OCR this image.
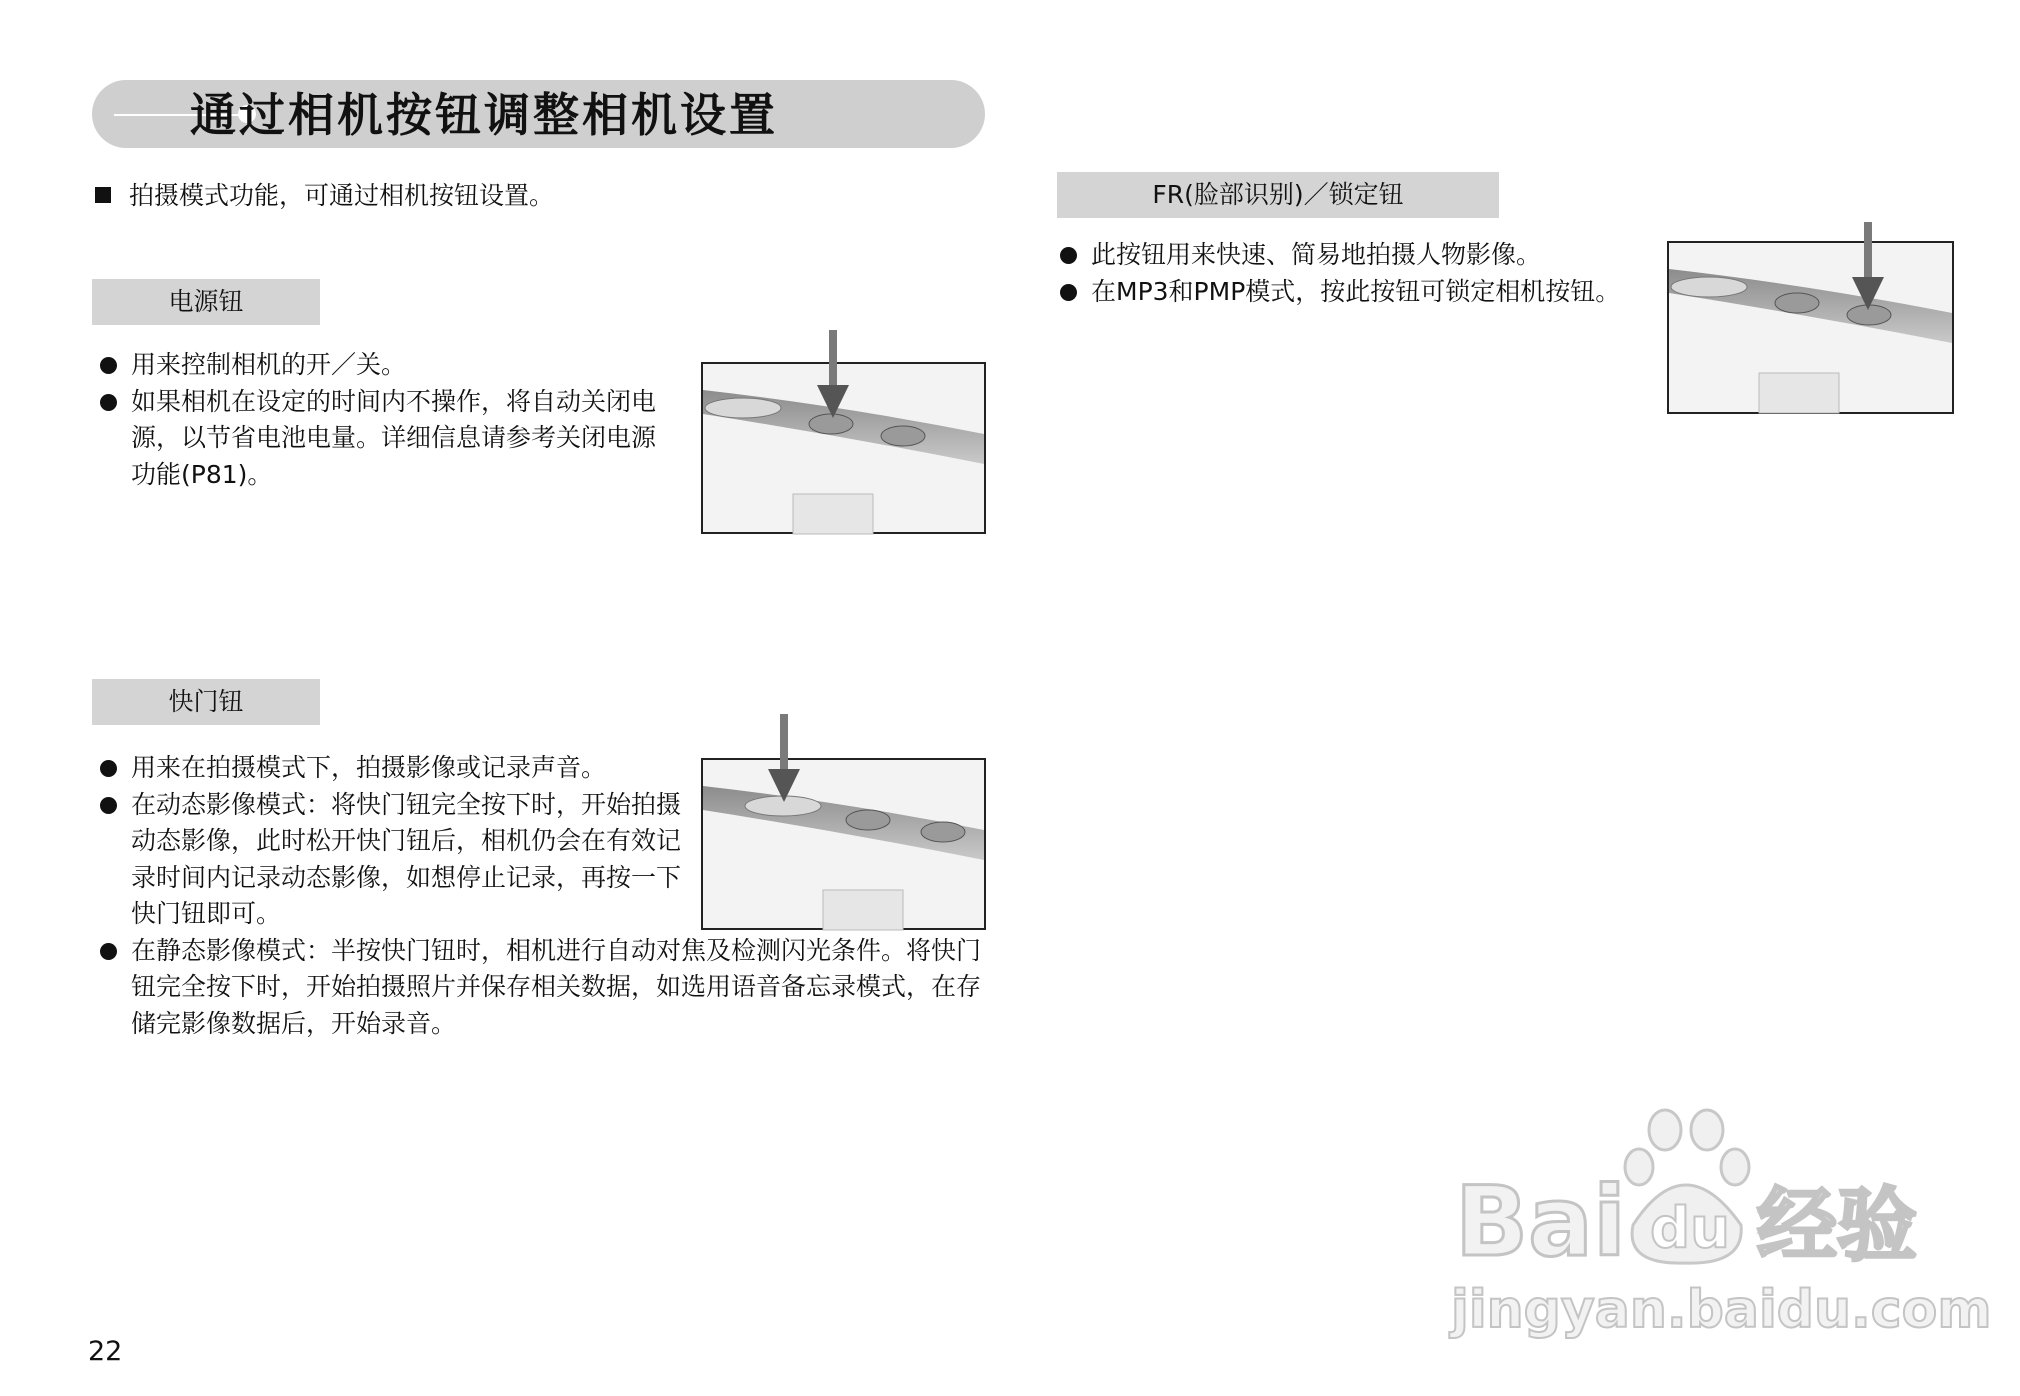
通过相机按钮调整相机设置
拍摄模式功能，可通过相机按钮设置。
电源钮
用来控制相机的开／关。
如果相机在设定的时间内不操作，将自动关闭电源，以节省电池电量。详细信息请参考关闭电源功能(P81)。
快门钮
用来在拍摄模式下，拍摄影像或记录声音。
在动态影像模式：将快门钮完全按下时，开始拍摄动态影像，此时松开快门钮后，相机仍会在有效记录时间内记录动态影像，如想停止记录，再按一下快门钮即可。
在静态影像模式：半按快门钮时，相机进行自动对焦及检测闪光条件。将快门钮完全按下时，开始拍摄照片并保存相关数据，如选用语音备忘录模式，在存储完影像数据后，开始录音。
FR(脸部识别)／锁定钮
此按钮用来快速、简易地拍摄人物影像。
在MP3和PMP模式，按此按钮可锁定相机按钮。
22
Bai du 经验
jingyan.baidu.com
